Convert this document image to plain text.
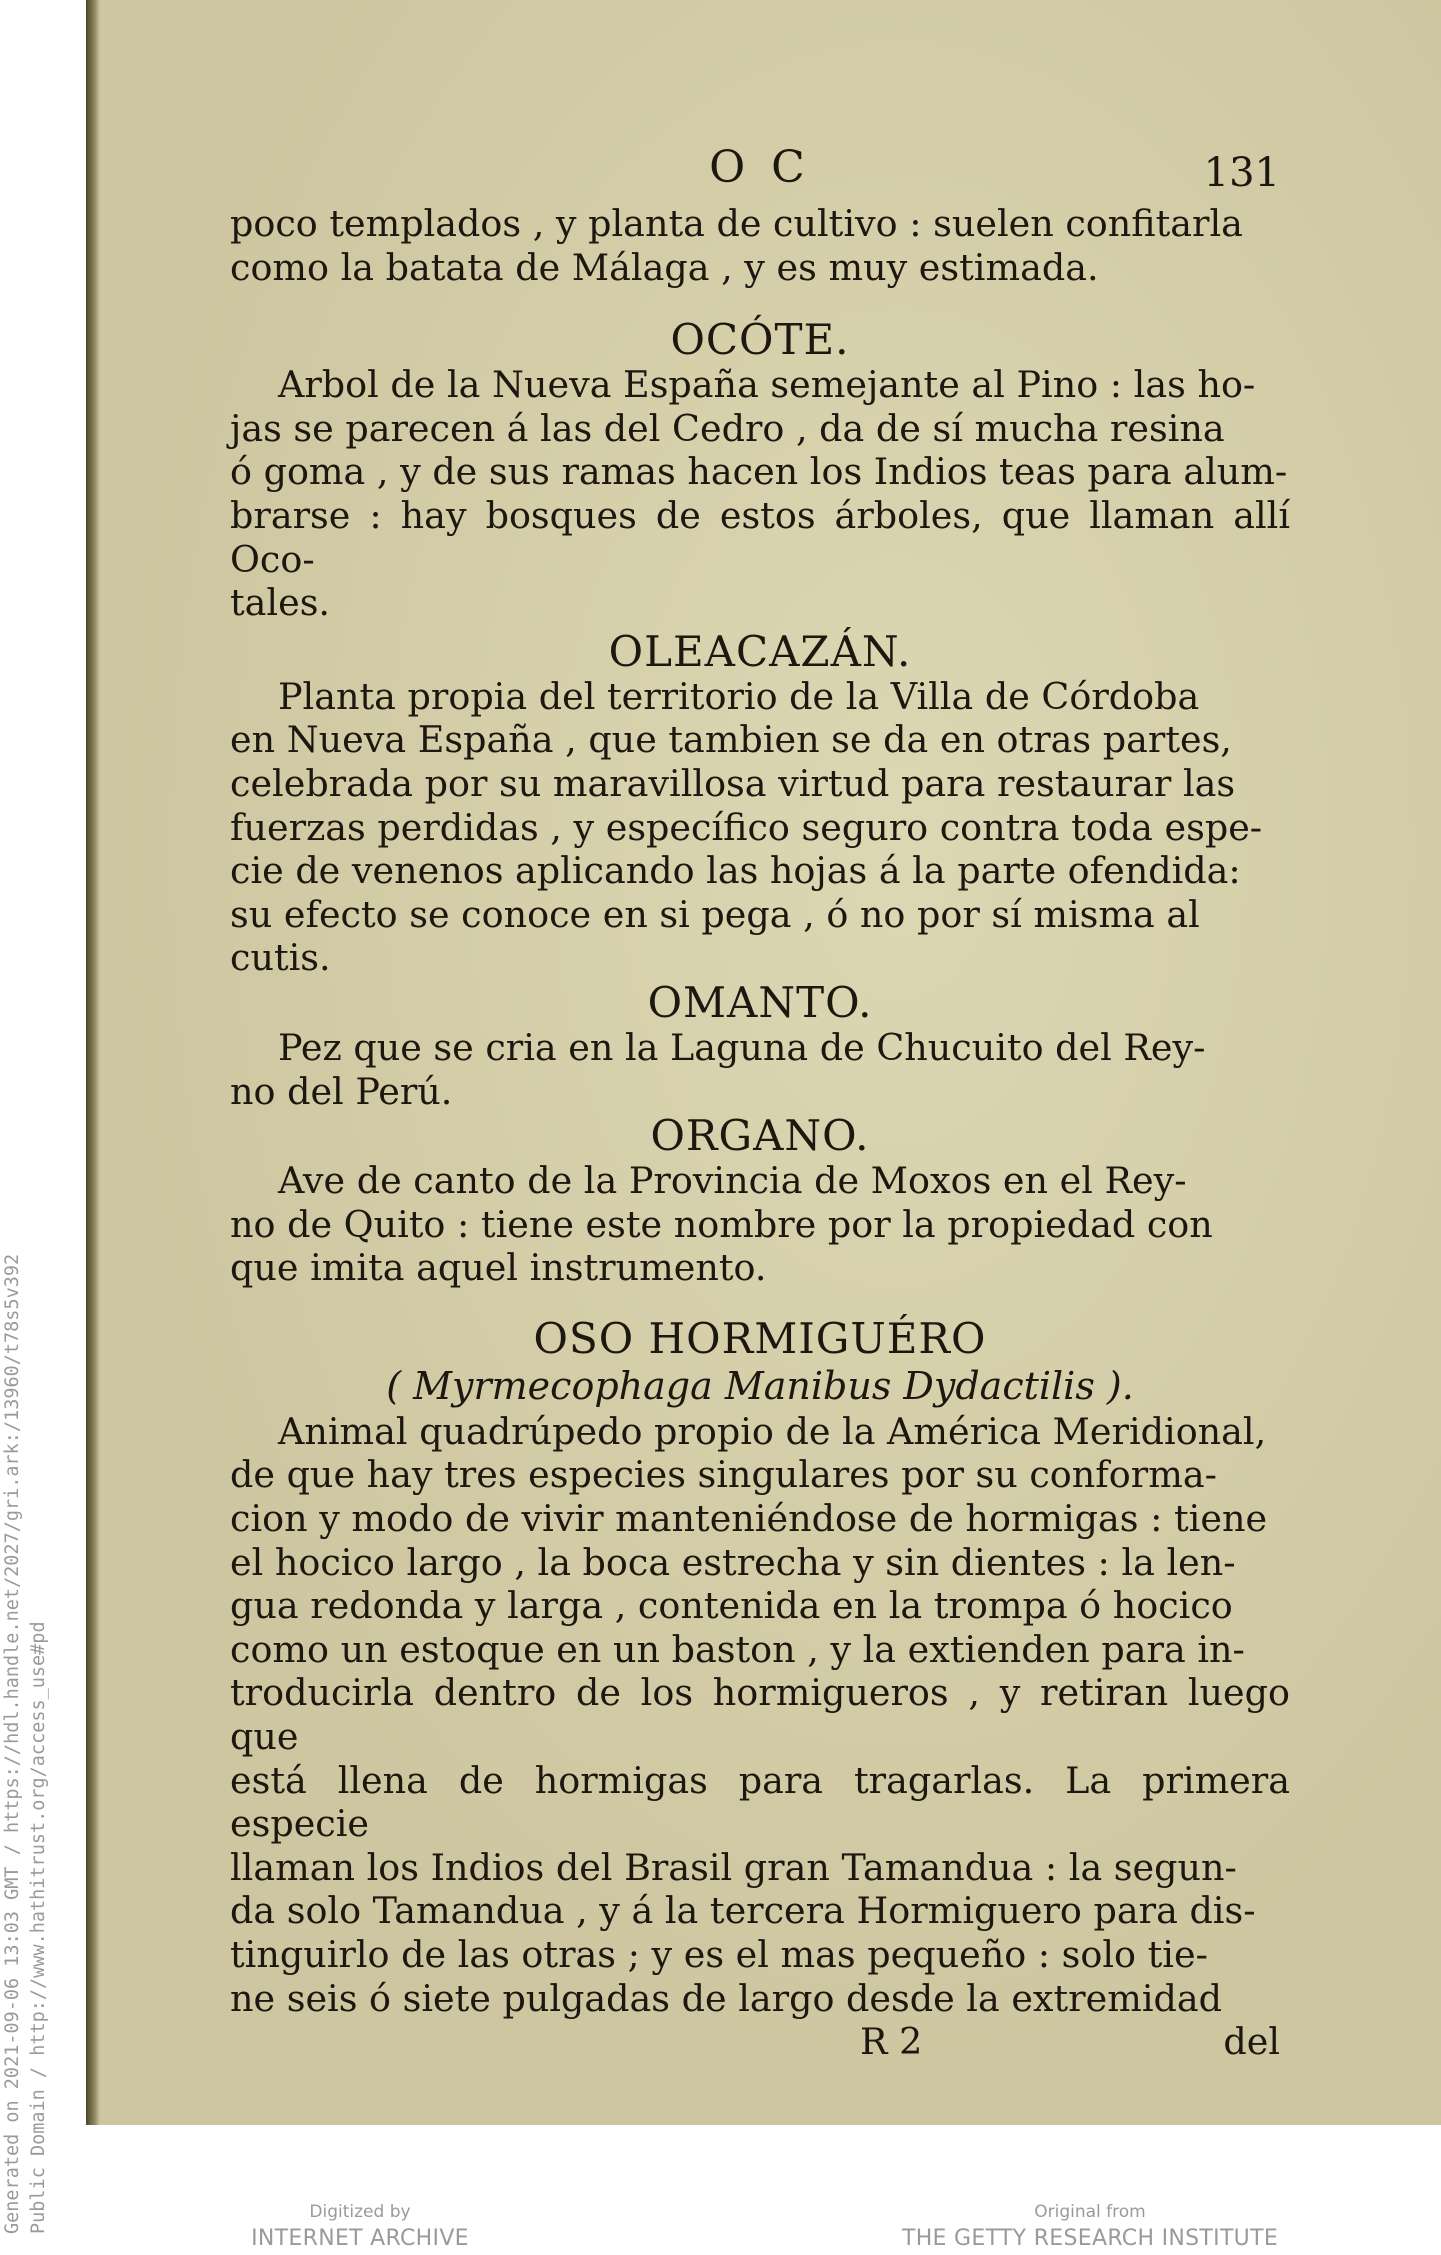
O C	131
poco templados , y planta de cultivo : suelen confitarla
como la batata de Málaga , y es muy estimada.
OCÓTE.
Arbol de la Nueva España semejante al Pino : las ho-
jas se parecen á las del Cedro , da de sí mucha resina
ó goma , y de sus ramas hacen los Indios teas para alum-
brarse : hay bosques de estos árboles, que llaman allí Oco-
tales.
OLEACAZÁN.
Planta propia del territorio de la Villa de Córdoba
en Nueva España , que tambien se da en otras partes,
celebrada por su maravillosa virtud para restaurar las
fuerzas perdidas , y específico seguro contra toda espe-
cie de venenos aplicando las hojas á la parte ofendida:
su efecto se conoce en si pega , ó no por sí misma al
cutis.
OMANTO.
Pez que se cria en la Laguna de Chucuito del Rey-
no del Perú.
ORGANO.
Ave de canto de la Provincia de Moxos en el Rey-
no de Quito : tiene este nombre por la propiedad con
que imita aquel instrumento.
OSO HORMIGUÉRO
( Myrmecophaga Manibus Dydactilis ).
Animal quadrúpedo propio de la América Meridional,
de que hay tres especies singulares por su conforma-
cion y modo de vivir manteniéndose de hormigas : tiene
el hocico largo , la boca estrecha y sin dientes : la len-
gua redonda y larga , contenida en la trompa ó hocico
como un estoque en un baston , y la extienden para in-
troducirla dentro de los hormigueros , y retiran luego que
está llena de hormigas para tragarlas. La primera especie
llaman los Indios del Brasil gran Tamandua : la segun-
da solo Tamandua , y á la tercera Hormiguero para dis-
tinguirlo de las otras ; y es el mas pequeño : solo tie-
ne seis ó siete pulgadas de largo desde la extremidad
R 2	del
Generated on 2021-09-06 13:03 GMT / https://hdl.handle.net/2027/gri.ark:/13960/t78s5v392 Public Domain / http://www.hathitrust.org/access_use#pd	Digitized by
INTERNET ARCHIVE
Original from
THE GETTY RESEARCH INSTITUTE
